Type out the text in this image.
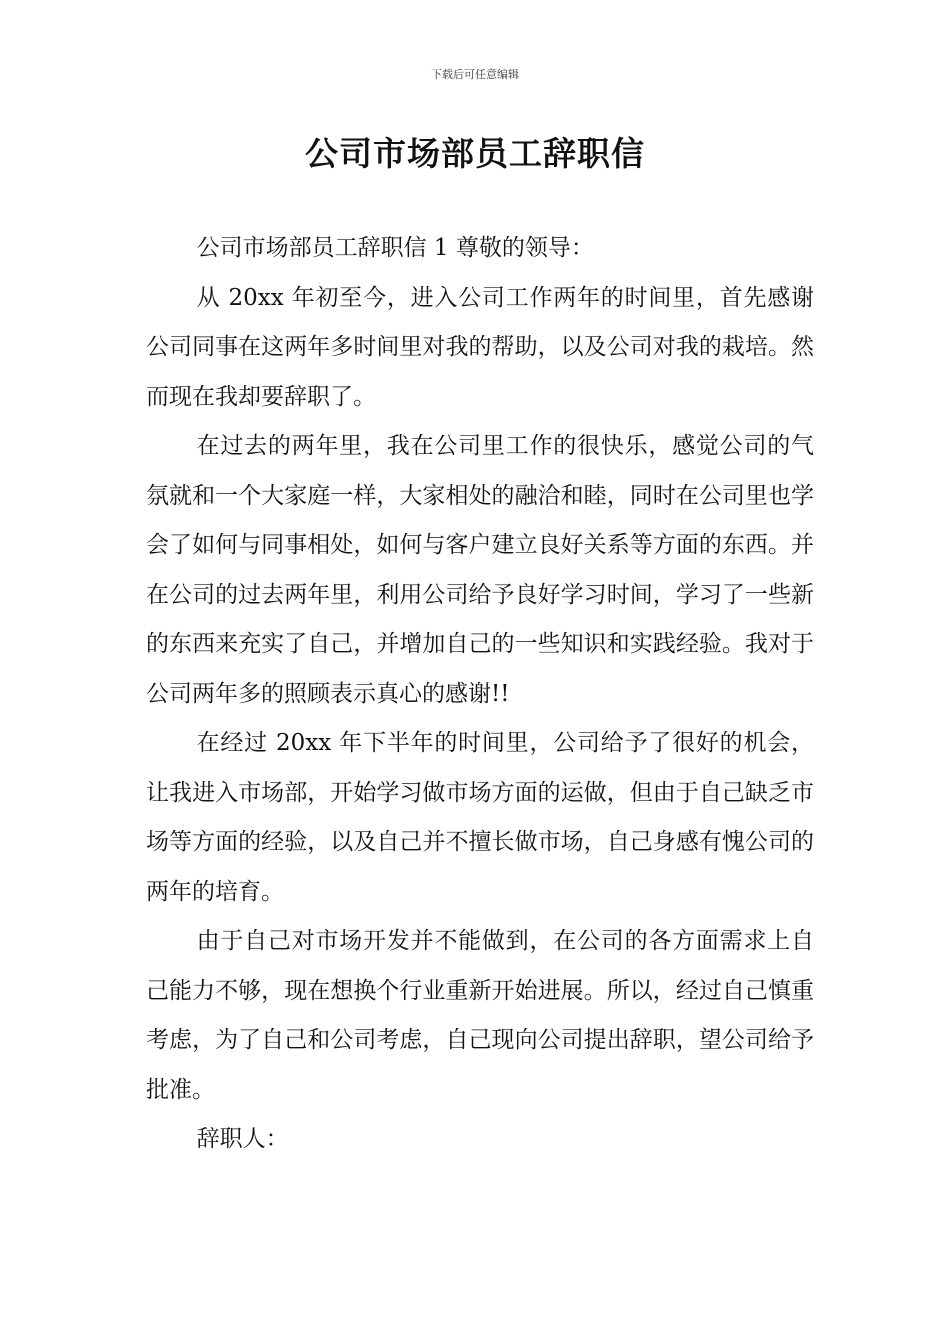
下载后可任意编辑
公司市场部员工辞职信

公司市场部员工辞职信 1 尊敬的领导：

从 20xx 年初至今，进入公司工作两年的时间里，首先感谢公司同事在这两年多时间里对我的帮助，以及公司对我的栽培。然而现在我却要辞职了。

在过去的两年里，我在公司里工作的很快乐，感觉公司的气氛就和一个大家庭一样，大家相处的融洽和睦，同时在公司里也学会了如何与同事相处，如何与客户建立良好关系等方面的东西。并在公司的过去两年里，利用公司给予良好学习时间，学习了一些新的东西来充实了自己，并增加自己的一些知识和实践经验。我对于公司两年多的照顾表示真心的感谢!!

在经过 20xx 年下半年的时间里，公司给予了很好的机会，让我进入市场部，开始学习做市场方面的运做，但由于自己缺乏市场等方面的经验，以及自己并不擅长做市场，自己身感有愧公司的两年的培育。

由于自己对市场开发并不能做到，在公司的各方面需求上自己能力不够，现在想换个行业重新开始进展。所以，经过自己慎重考虑，为了自己和公司考虑，自己现向公司提出辞职，望公司给予批准。

辞职人：
